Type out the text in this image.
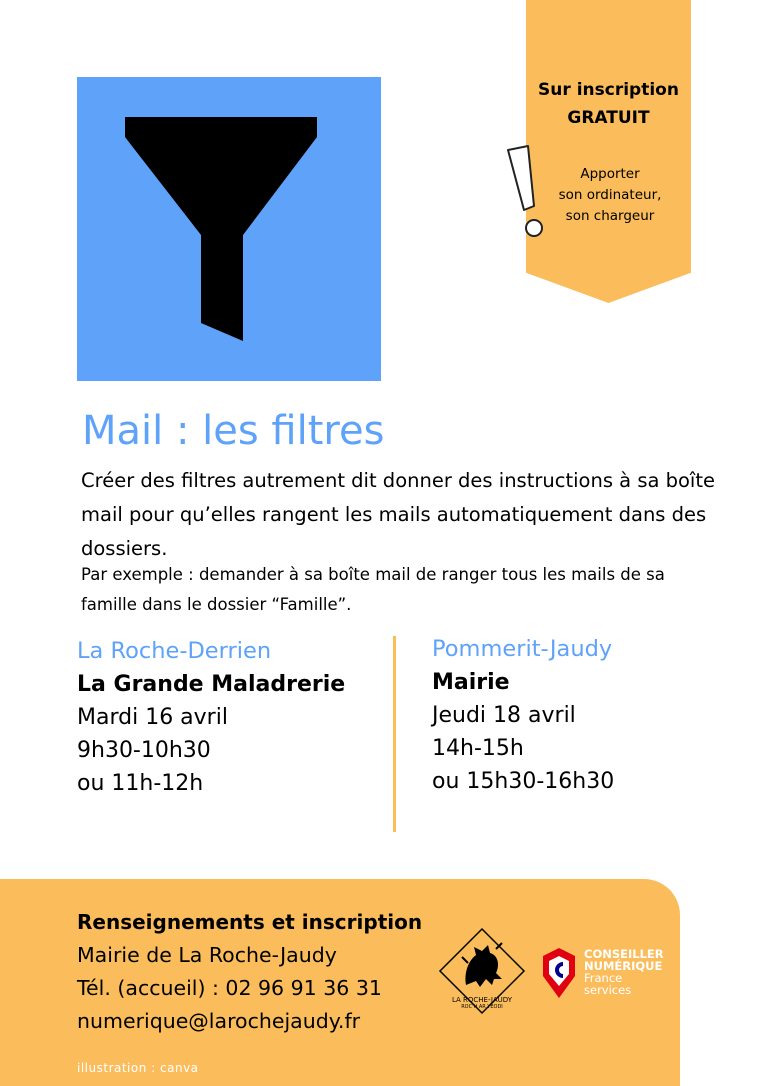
Sur inscription
GRATUIT
Apporter
son ordinateur,
son chargeur
Mail : les filtres
Créer des filtres autrement dit donner des instructions à sa boîte mail pour qu’elles rangent les mails automatiquement dans des dossiers.
Par exemple : demander à sa boîte mail de ranger tous les mails de sa famille dans le dossier “Famille”.
La Roche-Derrien
La Grande Maladrerie
Mardi 16 avril
9h30-10h30
ou 11h-12h
Pommerit-Jaudy
Mairie
Jeudi 18 avril
14h-15h
ou 15h30-16h30
Renseignements et inscription
Mairie de La Roche-Jaudy
Tél. (accueil) : 02 96 91 36 31
numerique@larochejaudy.fr
illustration : canva
LA ROCHE-JAUDY
ROC'H AR YEODI
CONSEILLER
NUMÉRIQUE
France
services
